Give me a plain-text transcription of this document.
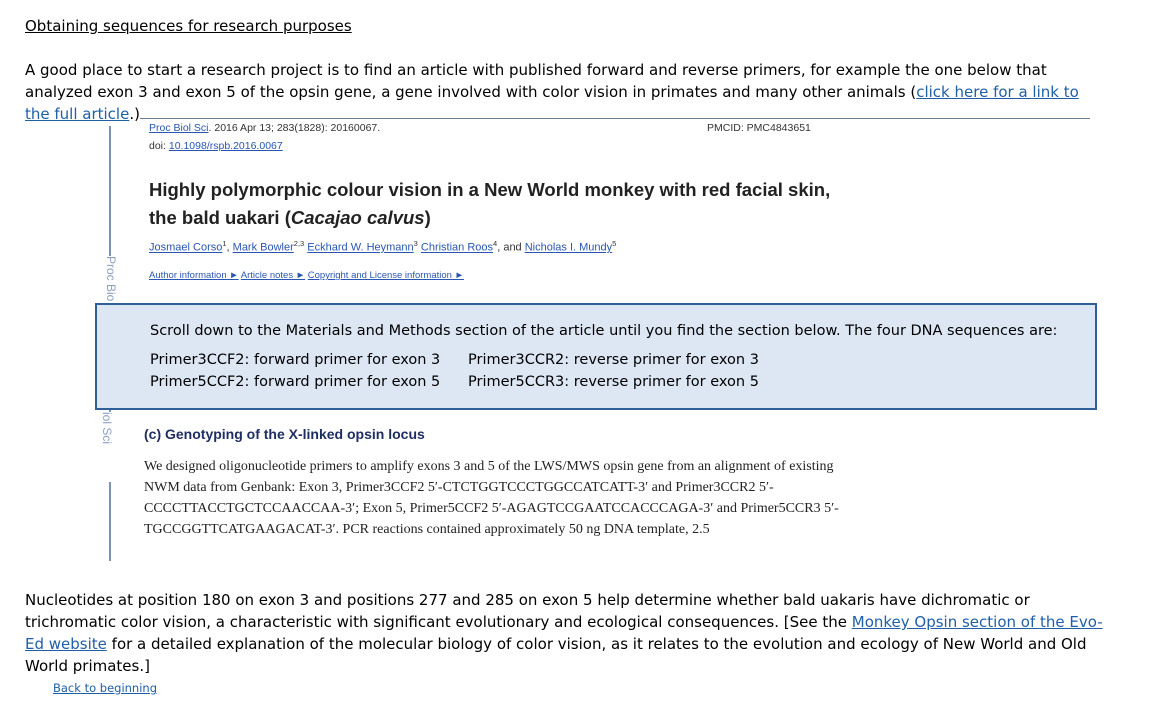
Obtaining sequences for research purposes
A good place to start a research project is to find an article with published forward and reverse primers, for example the one below that analyzed exon 3 and exon 5 of the opsin gene, a gene involved with color vision in primates and many other animals (click here for a link to the full article.)
Proc Bio
iol Sci
Proc Biol Sci. 2016 Apr 13; 283(1828): 20160067.	PMCID: PMC4843651
doi: 10.1098/rspb.2016.0067
Highly polymorphic colour vision in a New World monkey with red facial skin, the bald uakari (Cacajao calvus)
Josmael Corso$^1$, Mark Bowler$^{2,3}$ Eckhard W. Heymann$^3$ Christian Roos$^4$, and Nicholas I. Mundy$^5$
Author information ► Article notes ► Copyright and License information ►
(c) Genotyping of the X-linked opsin locus
We designed oligonucleotide primers to amplify exons 3 and 5 of the LWS/MWS opsin gene from an alignment of existing NWM data from Genbank: Exon 3, Primer3CCF2 5′-CTCTGGTCCCTGGCCATCATT-3′ and Primer3CCR2 5′-CCCCTTACCTGCTCCAACCAA-3′; Exon 5, Primer5CCF2 5′-AGAGTCCGAATCCACCCAGA-3′ and Primer5CCR3 5′-TGCCGGTTCATGAAGACAT-3′. PCR reactions contained approximately 50 ng DNA template, 2.5
Scroll down to the Materials and Methods section of the article until you find the section below. The four DNA sequences are:
Primer3CCF2: forward primer for exon 3 Primer3CCR2: reverse primer for exon 3
Primer5CCF2: forward primer for exon 5 Primer5CCR3: reverse primer for exon 5
Nucleotides at position 180 on exon 3 and positions 277 and 285 on exon 5 help determine whether bald uakaris have dichromatic or trichromatic color vision, a characteristic with significant evolutionary and ecological consequences. [See the Monkey Opsin section of the Evo-Ed website for a detailed explanation of the molecular biology of color vision, as it relates to the evolution and ecology of New World and Old World primates.]
Back to beginning
